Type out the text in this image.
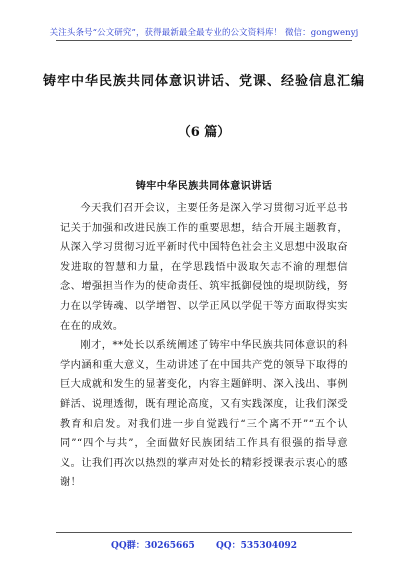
关注头条号“公文研究”，获得最新最全最专业的公文资料库！ 微信：gongwenyj
铸牢中华民族共同体意识讲话、党课、经验信息汇编
（6 篇）
铸牢中华民族共同体意识讲话

今天我们召开会议，主要任务是深入学习贯彻习近平总书记关于加强和改进民族工作的重要思想，结合开展主题教育，从深入学习贯彻习近平新时代中国特色社会主义思想中汲取奋发进取的智慧和力量，在学思践悟中汲取矢志不渝的理想信念、增强担当作为的使命责任、筑牢抵御侵蚀的堤坝防线，努力在以学铸魂、以学增智、以学正风以学促干等方面取得实实在在的成效。

刚才，**处长以系统阐述了铸牢中华民族共同体意识的科学内涵和重大意义，生动讲述了在中国共产党的领导下取得的巨大成就和发生的显著变化，内容主题鲜明、深入浅出、事例鲜活、说理透彻，既有理论高度，又有实践深度，让我们深受教育和启发。对我们进一步自觉践行“三个离不开”“五个认同”“四个与共”，全面做好民族团结工作具有很强的指导意义。让我们再次以热烈的掌声对处长的精彩授课表示衷心的感谢！

QQ群：30265665 QQ：535304092
